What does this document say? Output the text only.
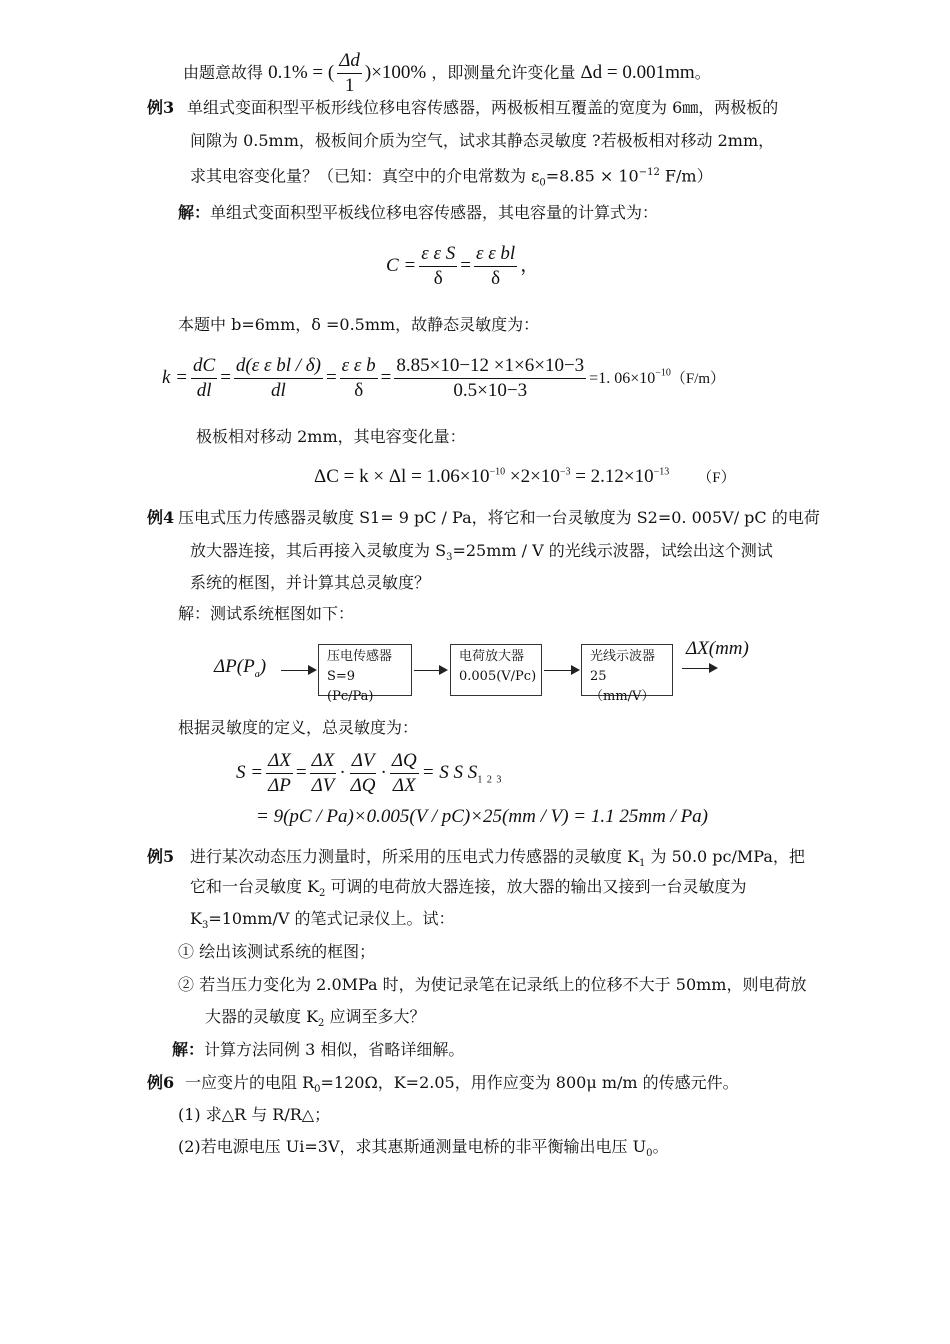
由题意故得 0.1% = ( $\frac{\Delta d}{1} )\times 100\%$ ，即测量允许变化量 Δd = 0.001mm。
例3 单组式变面积型平板形线位移电容传感器，两极板相互覆盖的宽度为 6㎜，两极板的
间隙为 0.5mm，极板间介质为空气，试求其静态灵敏度 ?若极板相对移动 2mm，
求其电容变化量？（已知：真空中的介电常数为 $\varepsilon_0=8.85 \times 10^{-12}$ F/m）
解：单组式变面积型平板线位移电容传感器，其电容量的计算式为：
$C = \frac{\text{ε ε S}}{\delta} = \frac{\text{ε ε bl}}{\delta}$ ，
本题中 b=6mm，δ =0.5mm，故静态灵敏度为：
$k = \frac{dC}{dl} = \frac{\text{d(ε ε bl / δ)}}{dl} = \frac{\text{ε ε b}}{\delta} = \frac{8.85\times 10-12 \times 1\times 6\times 10-3}{0.5\times 10-3} =1$. $06\times 10^{-10}(F/m)$
极板相对移动 2mm，其电容变化量：
$\Delta C = k \times \Delta l = 1.06\times 10^{-10} \times 2\times 10^{-3} = 2.12\times 10^{-13}$ （F）
例4 压电式压力传感器灵敏度 S1= 9 pC / Pa，将它和一台灵敏度为 S2=0. 005V/ pC 的电荷
放大器连接，其后再接入灵敏度为 $S_3=25mm / V$ 的光线示波器，试绘出这个测试
系统的框图，并计算其总灵敏度？
解：测试系统框图如下：
$\Delta P(P_a)$	压电传感器
S=9 (Pc/Pa)
电荷放大器
0.005(V/Pc)
光线示波器
25（mm/V）
ΔX(mm)
根据灵敏度的定义，总灵敏度为：
$S = \frac{\Delta X}{\Delta P} = \frac{\Delta X}{\Delta V} \cdot \frac{\Delta V}{\Delta Q} \cdot \frac{\Delta Q}{\Delta X} = S$ S $S_{1 2 3}$
= 9(pC / Pa)×0.005(V / pC)×25(mm / V) = 1.1 25mm / Pa)
例5 进行某次动态压力测量时，所采用的压电式力传感器的灵敏度 $K_1$ 为 50.0 pc/MPa，把
它和一台灵敏度 $K_2$ 可调的电荷放大器连接，放大器的输出又接到一台灵敏度为
$K_3=10mm/V$ 的笔式记录仪上。试：
① 绘出该测试系统的框图；
② 若当压力变化为 2.0MPa 时，为使记录笔在记录纸上的位移不大于 50mm，则电荷放
大器的灵敏度 $K_2$ 应调至多大？
解：计算方法同例 3 相似，省略详细解。
例6 一应变片的电阻 $R_0=120\Omega$，K=2.05，用作应变为 800μ m/m 的传感元件。
(1) 求△R 与 R/R△；
(2)若电源电压 Ui=3V，求其惠斯通测量电桥的非平衡输出电压 $U_0$。
